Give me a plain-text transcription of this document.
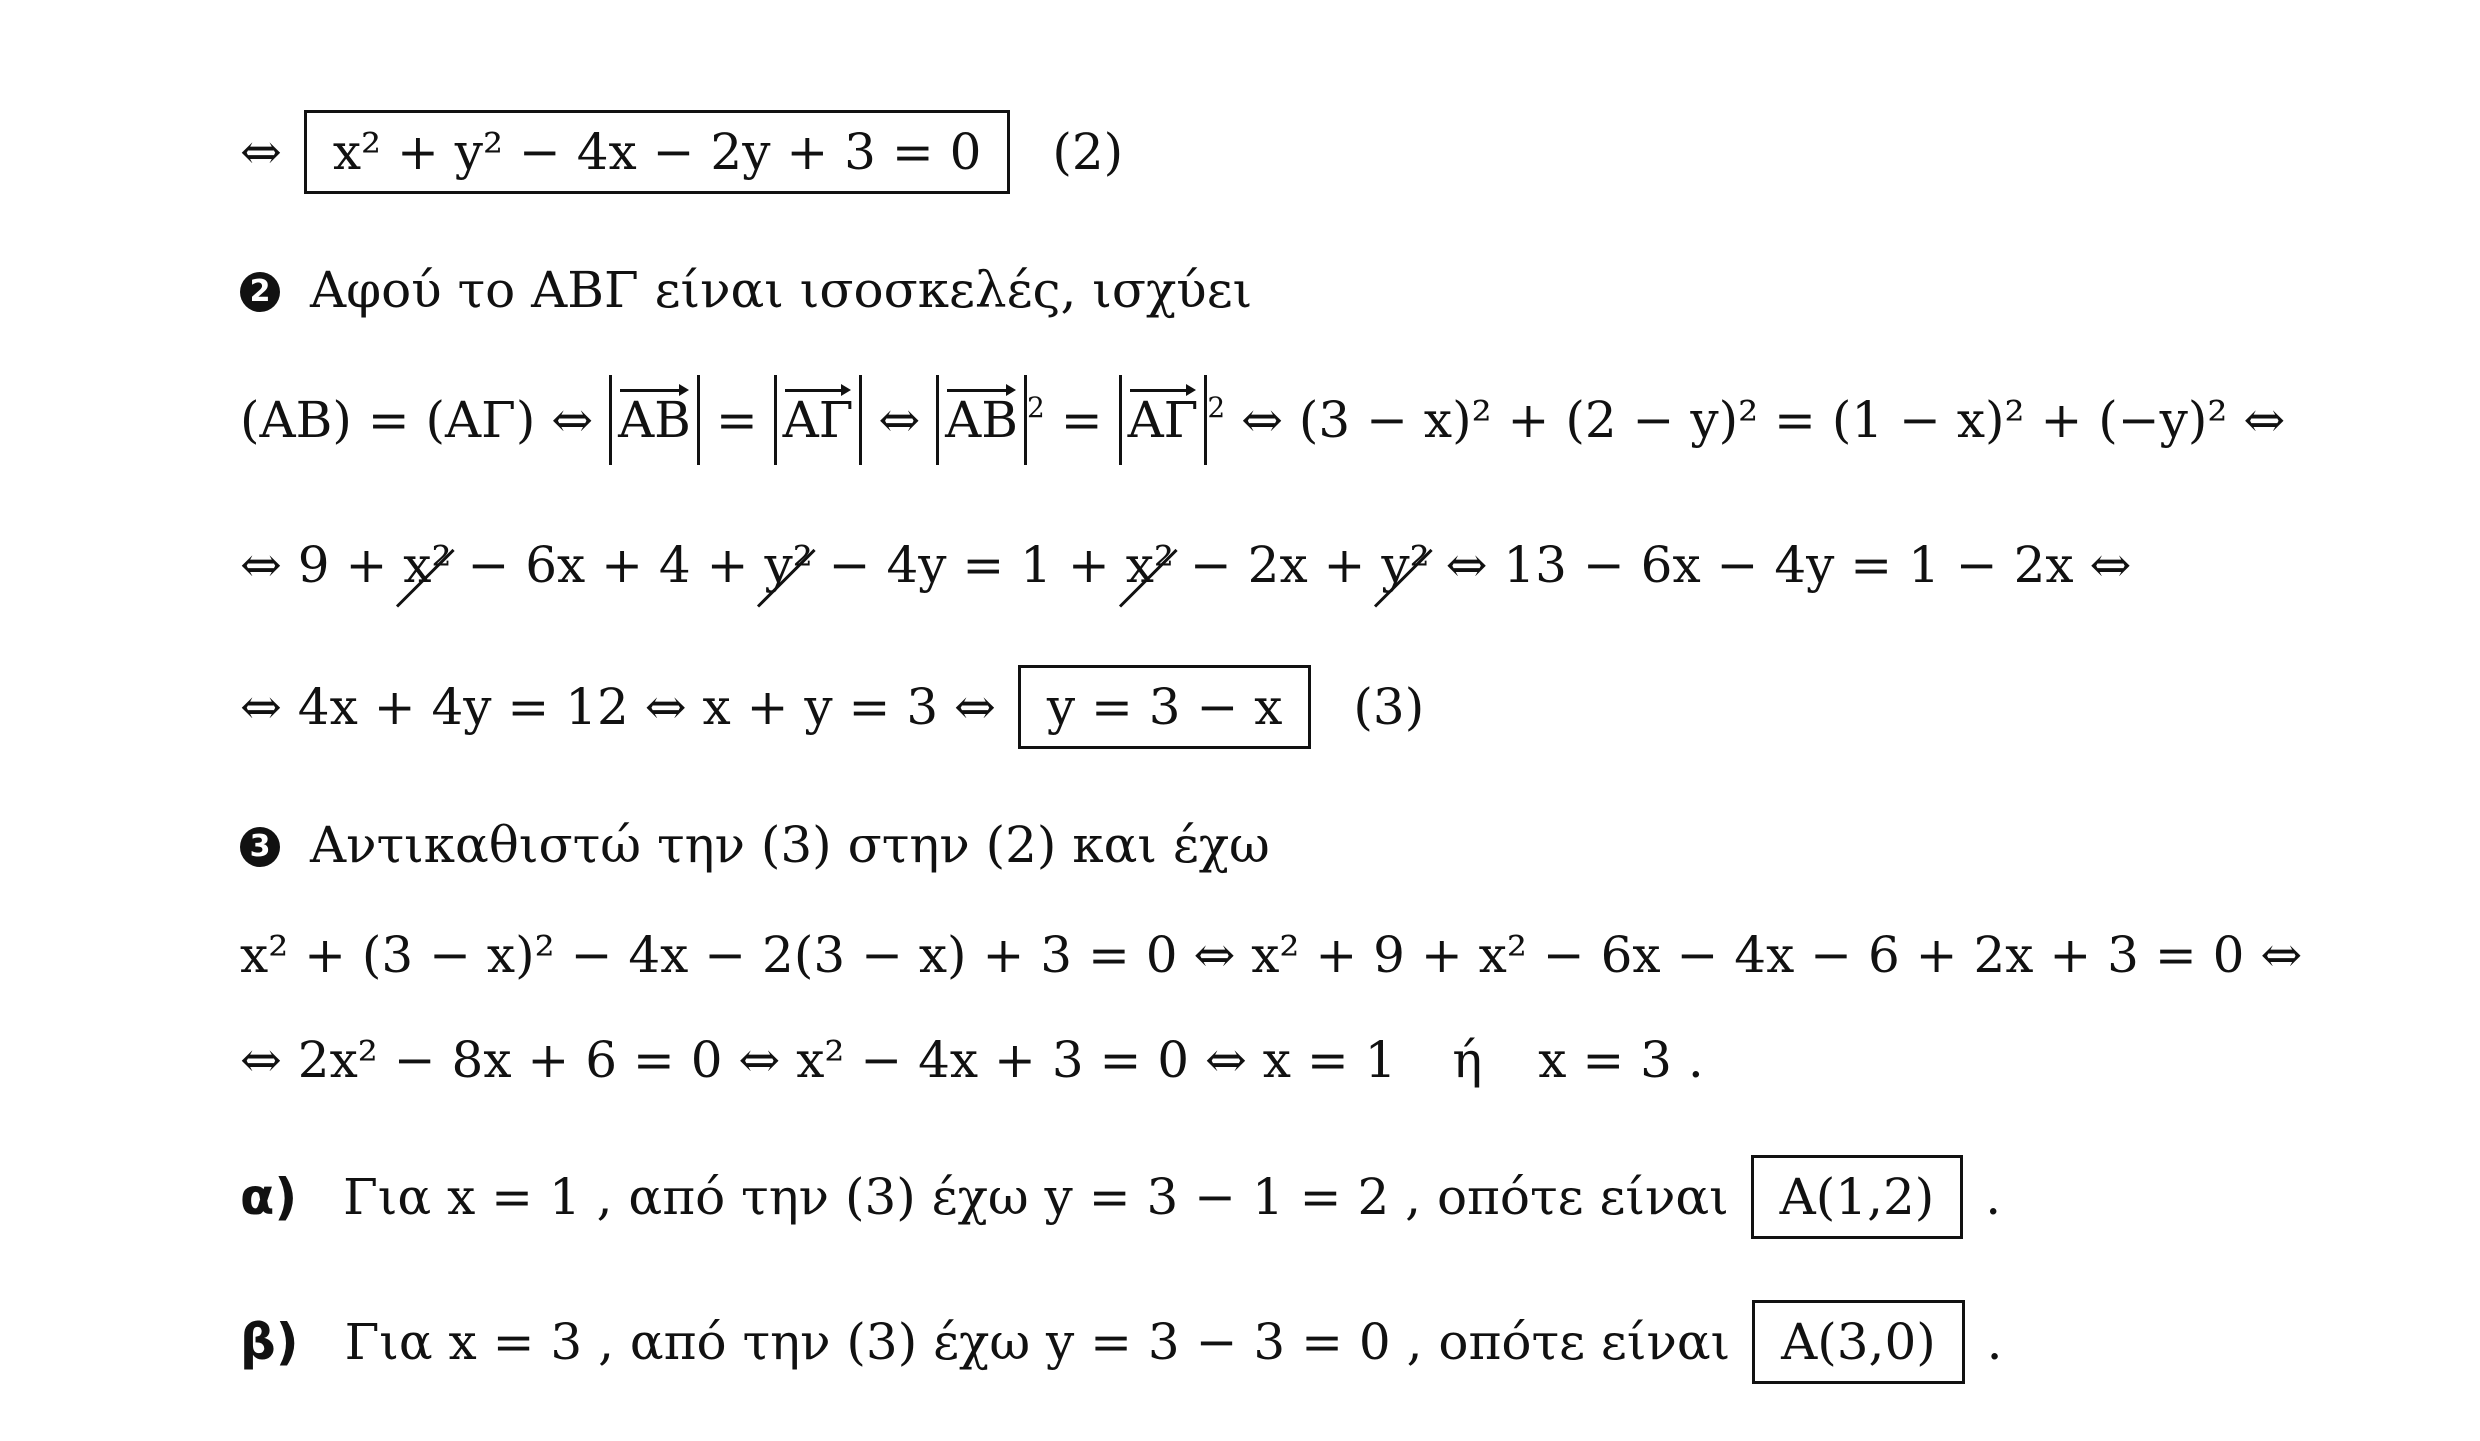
⇔ x² + y² − 4x − 2y + 3 = 0 (2)
2 Αφού το ΑΒΓ είναι ισοσκελές, ισχύει
(ΑΒ) = (ΑΓ) ⇔ ΑΒ = ΑΓ ⇔ ΑΒ $^2$ = ΑΓ $^2$ ⇔ (3 − x)² + (2 − y)² = (1 − x)² + (−y)² ⇔
⇔ 9 + x² − 6x + 4 + y² − 4y = 1 + x² − 2x + y² ⇔ 13 − 6x − 4y = 1 − 2x ⇔
⇔ 4x + 4y = 12 ⇔ x + y = 3 ⇔ y = 3 − x (3)
3 Αντικαθιστώ την (3) στην (2) και έχω
x² + (3 − x)² − 4x − 2(3 − x) + 3 = 0 ⇔ x² + 9 + x² − 6x − 4x − 6 + 2x + 3 = 0 ⇔
⇔ 2x² − 8x + 6 = 0 ⇔ x² − 4x + 3 = 0 ⇔ x = 1 ή x = 3 .
α) Για x = 1 , από την (3) έχω y = 3 − 1 = 2 , οπότε είναι Α(1,2) .
β) Για x = 3 , από την (3) έχω y = 3 − 3 = 0 , οπότε είναι Α(3,0) .
